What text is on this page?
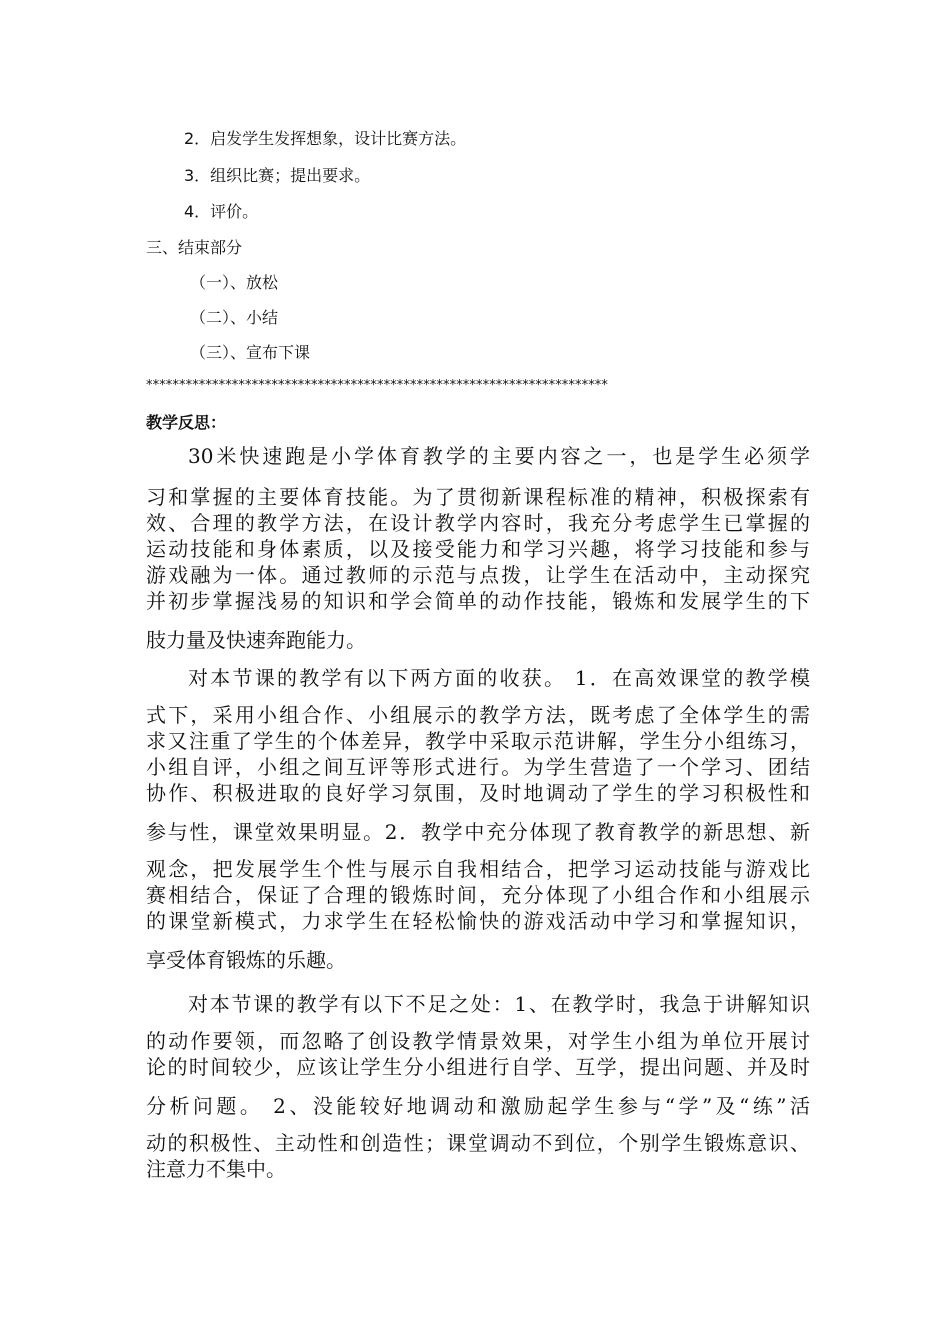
2．启发学生发挥想象，设计比赛方法。
3．组织比赛；提出要求。
4．评价。
三、结束部分
（一）、放松
（二）、小结
（三）、宣布下课
**********************************************************************
教学反思：
30米快速跑是小学体育教学的主要内容之一，也是学生必须学
习和掌握的主要体育技能。为了贯彻新课程标准的精神，积极探索有
效、合理的教学方法，在设计教学内容时，我充分考虑学生已掌握的
运动技能和身体素质，以及接受能力和学习兴趣，将学习技能和参与
游戏融为一体。通过教师的示范与点拨，让学生在活动中，主动探究
并初步掌握浅易的知识和学会简单的动作技能，锻炼和发展学生的下
肢力量及快速奔跑能力。
对本节课的教学有以下两方面的收获。 1．在高效课堂的教学模
式下，采用小组合作、小组展示的教学方法，既考虑了全体学生的需
求又注重了学生的个体差异，教学中采取示范讲解，学生分小组练习，
小组自评，小组之间互评等形式进行。为学生营造了一个学习、团结
协作、积极进取的良好学习氛围，及时地调动了学生的学习积极性和
参与性，课堂效果明显。2．教学中充分体现了教育教学的新思想、新
观念，把发展学生个性与展示自我相结合，把学习运动技能与游戏比
赛相结合，保证了合理的锻炼时间，充分体现了小组合作和小组展示
的课堂新模式，力求学生在轻松愉快的游戏活动中学习和掌握知识，
享受体育锻炼的乐趣。
对本节课的教学有以下不足之处：1、在教学时，我急于讲解知识
的动作要领，而忽略了创设教学情景效果，对学生小组为单位开展讨
论的时间较少，应该让学生分小组进行自学、互学，提出问题、并及时
分析问题。 2、没能较好地调动和激励起学生参与“学”及“练”活
动的积极性、主动性和创造性；课堂调动不到位，个别学生锻炼意识、
注意力不集中。
